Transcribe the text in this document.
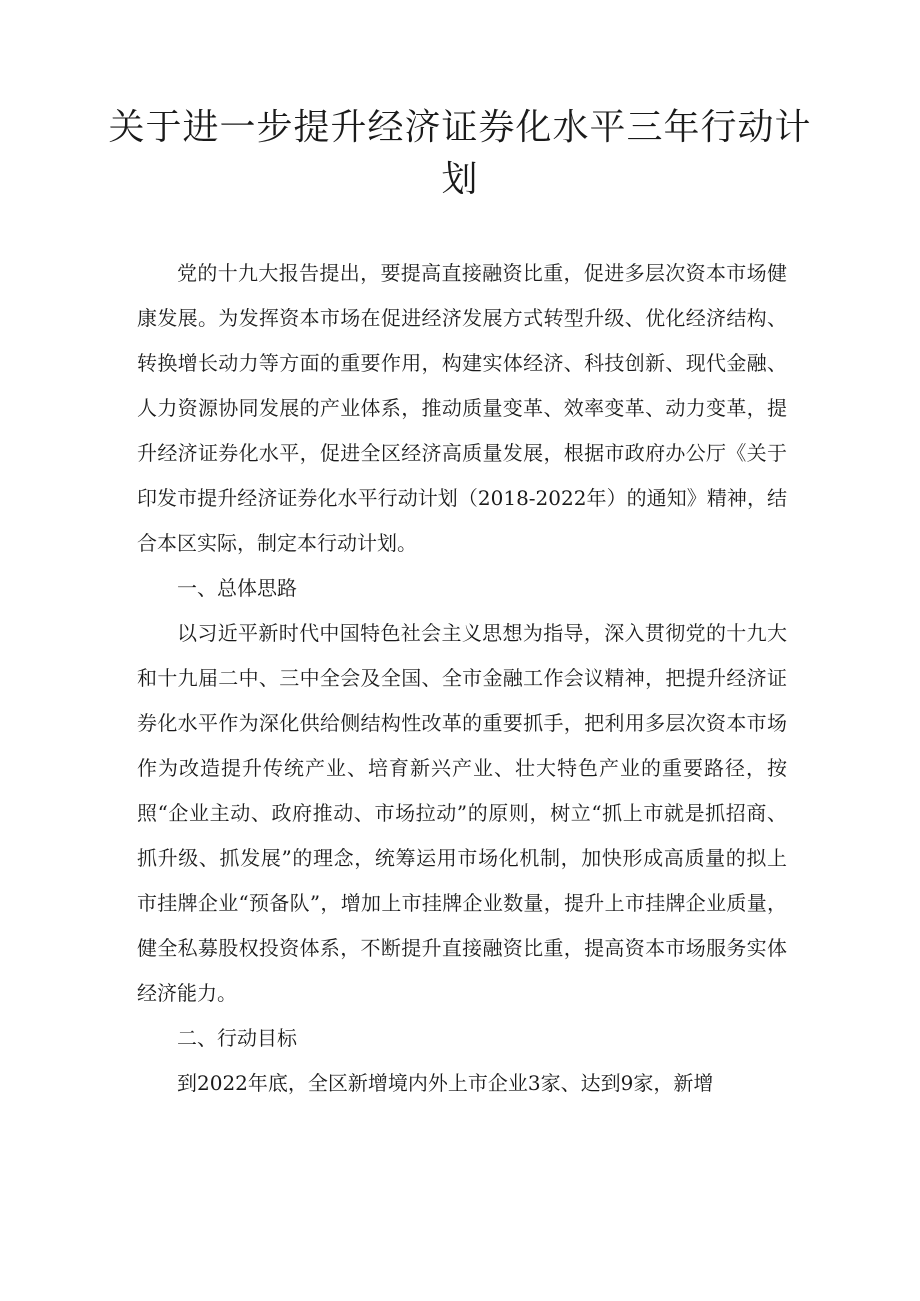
关于进一步提升经济证券化水平三年行动计划

党的十九大报告提出，要提高直接融资比重，促进多层次资本市场健康发展。为发挥资本市场在促进经济发展方式转型升级、优化经济结构、转换增长动力等方面的重要作用，构建实体经济、科技创新、现代金融、人力资源协同发展的产业体系，推动质量变革、效率变革、动力变革，提升经济证券化水平，促进全区经济高质量发展，根据市政府办公厅《关于印发市提升经济证券化水平行动计划（2018-2022年）的通知》精神，结合本区实际，制定本行动计划。

一、总体思路

以习近平新时代中国特色社会主义思想为指导，深入贯彻党的十九大和十九届二中、三中全会及全国、全市金融工作会议精神，把提升经济证券化水平作为深化供给侧结构性改革的重要抓手，把利用多层次资本市场作为改造提升传统产业、培育新兴产业、壮大特色产业的重要路径，按照“企业主动、政府推动、市场拉动”的原则，树立“抓上市就是抓招商、抓升级、抓发展”的理念，统筹运用市场化机制，加快形成高质量的拟上市挂牌企业“预备队”，增加上市挂牌企业数量，提升上市挂牌企业质量，健全私募股权投资体系，不断提升直接融资比重，提高资本市场服务实体经济能力。

二、行动目标

到2022年底，全区新增境内外上市企业3家、达到9家，新增
